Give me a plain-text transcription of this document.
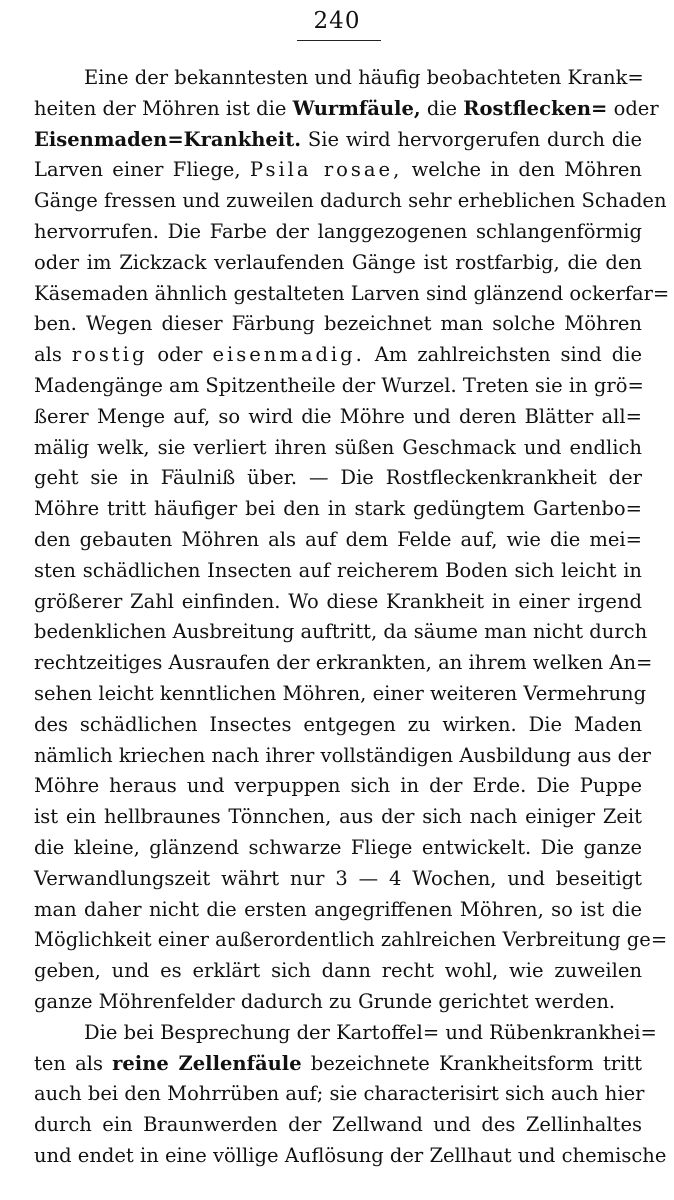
240
Eine der bekanntesten und häufig beobachteten Krank=
heiten der Möhren ist die Wurmfäule, die Rostflecken= oder
Eisenmaden=Krankheit. Sie wird hervorgerufen durch die
Larven einer Fliege, Psila rosae, welche in den Möhren
Gänge fressen und zuweilen dadurch sehr erheblichen Schaden
hervorrufen. Die Farbe der langgezogenen schlangenförmig
oder im Zickzack verlaufenden Gänge ist rostfarbig, die den
Käsemaden ähnlich gestalteten Larven sind glänzend ockerfar=
ben. Wegen dieser Färbung bezeichnet man solche Möhren
als rostig oder eisenmadig. Am zahlreichsten sind die
Madengänge am Spitzentheile der Wurzel. Treten sie in grö=
ßerer Menge auf, so wird die Möhre und deren Blätter all=
mälig welk, sie verliert ihren süßen Geschmack und endlich
geht sie in Fäulniß über. — Die Rostfleckenkrankheit der
Möhre tritt häufiger bei den in stark gedüngtem Gartenbo=
den gebauten Möhren als auf dem Felde auf, wie die mei=
sten schädlichen Insecten auf reicherem Boden sich leicht in
größerer Zahl einfinden. Wo diese Krankheit in einer irgend
bedenklichen Ausbreitung auftritt, da säume man nicht durch
rechtzeitiges Ausraufen der erkrankten, an ihrem welken An=
sehen leicht kenntlichen Möhren, einer weiteren Vermehrung
des schädlichen Insectes entgegen zu wirken. Die Maden
nämlich kriechen nach ihrer vollständigen Ausbildung aus der
Möhre heraus und verpuppen sich in der Erde. Die Puppe
ist ein hellbraunes Tönnchen, aus der sich nach einiger Zeit
die kleine, glänzend schwarze Fliege entwickelt. Die ganze
Verwandlungszeit währt nur 3 — 4 Wochen, und beseitigt
man daher nicht die ersten angegriffenen Möhren, so ist die
Möglichkeit einer außerordentlich zahlreichen Verbreitung ge=
geben, und es erklärt sich dann recht wohl, wie zuweilen
ganze Möhrenfelder dadurch zu Grunde gerichtet werden.
Die bei Besprechung der Kartoffel= und Rübenkrankhei=
ten als reine Zellenfäule bezeichnete Krankheitsform tritt
auch bei den Mohrrüben auf; sie characterisirt sich auch hier
durch ein Braunwerden der Zellwand und des Zellinhaltes
und endet in eine völlige Auflösung der Zellhaut und chemische
